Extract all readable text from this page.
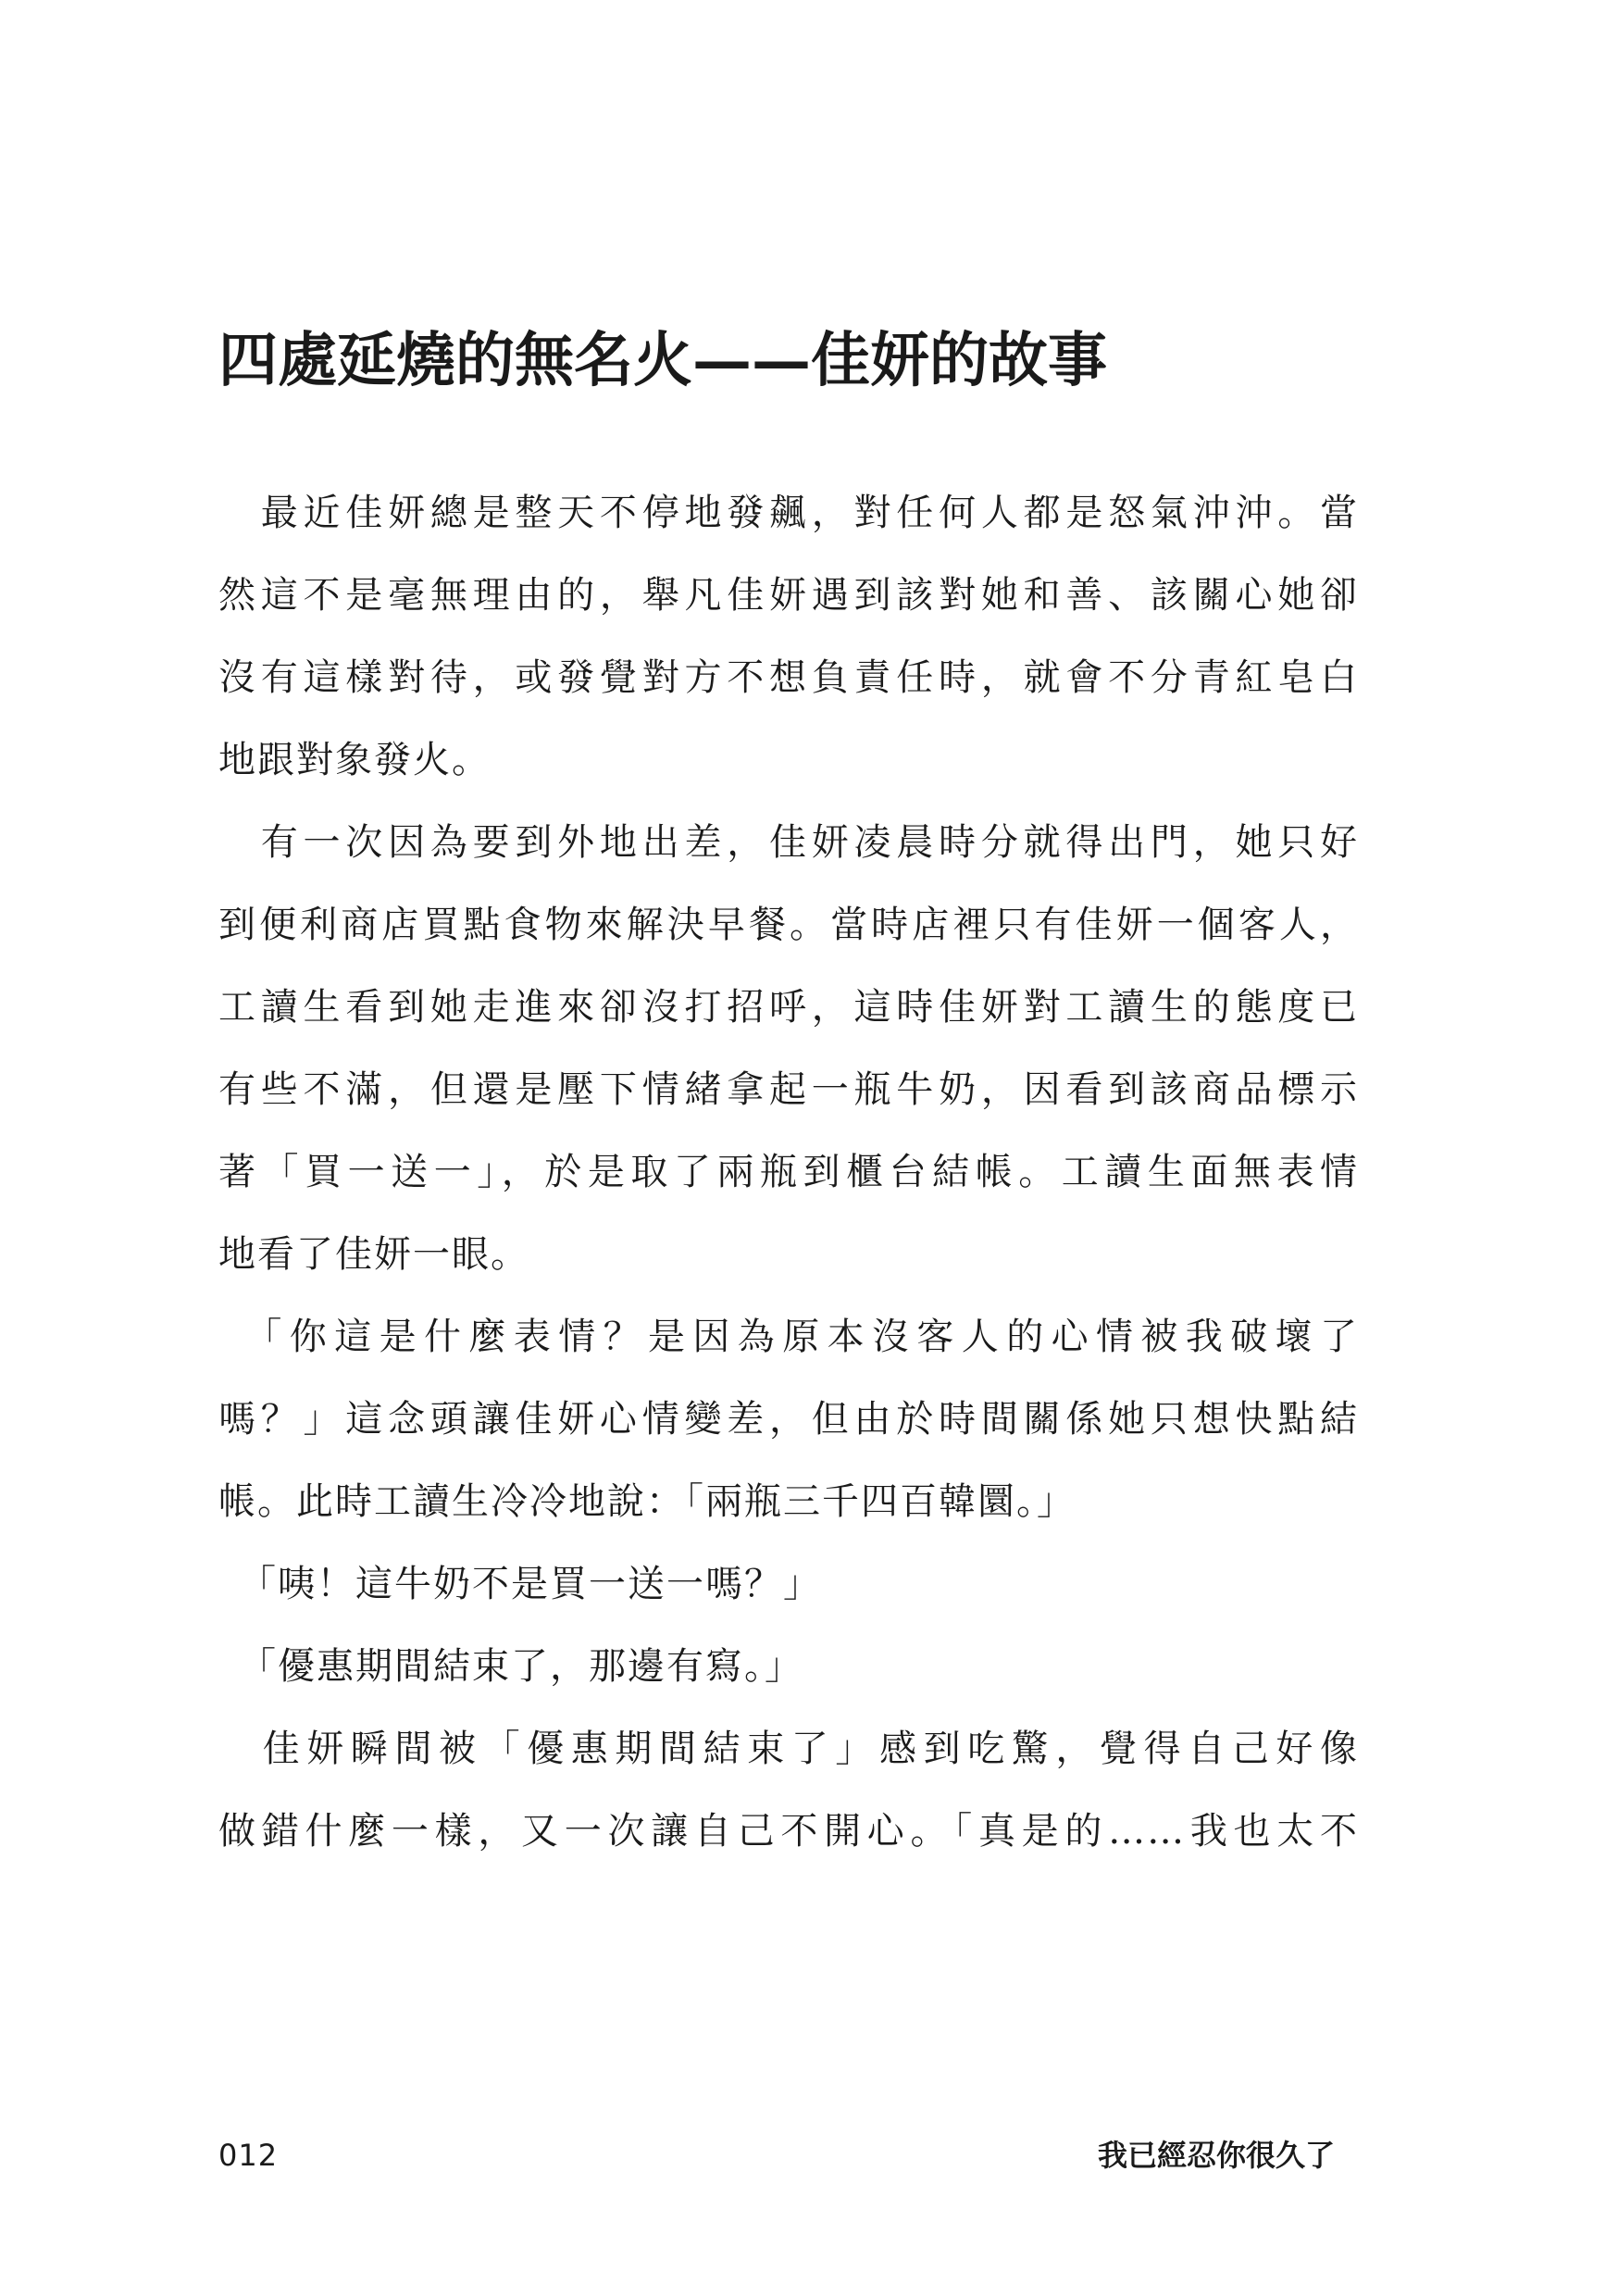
四處延燒的無名火——佳妍的故事
　最近佳妍總是整天不停地發飆，對任何人都是怒氣沖沖。當
然這不是毫無理由的，舉凡佳妍遇到該對她和善、該關心她卻
沒有這樣對待，或發覺對方不想負責任時，就會不分青紅皂白
地跟對象發火。
　有一次因為要到外地出差，佳妍凌晨時分就得出門，她只好
到便利商店買點食物來解決早餐。當時店裡只有佳妍一個客人，
工讀生看到她走進來卻沒打招呼，這時佳妍對工讀生的態度已
有些不滿，但還是壓下情緒拿起一瓶牛奶，因看到該商品標示
著「買一送一」，於是取了兩瓶到櫃台結帳。工讀生面無表情
地看了佳妍一眼。
　「你這是什麼表情？是因為原本沒客人的心情被我破壞了
嗎？」這念頭讓佳妍心情變差，但由於時間關係她只想快點結
帳。此時工讀生冷冷地說：「兩瓶三千四百韓圜。」
　「咦！這牛奶不是買一送一嗎？」
　「優惠期間結束了，那邊有寫。」
　佳妍瞬間被「優惠期間結束了」感到吃驚，覺得自己好像
做錯什麼一樣，又一次讓自己不開心。「真是的……我也太不
012	我已經忍你很久了
